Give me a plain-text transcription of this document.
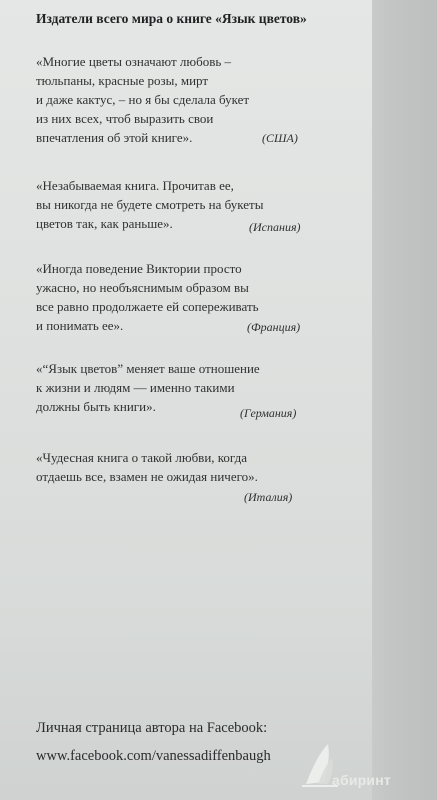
Издатели всего мира о книге «Язык цветов»
«Многие цветы означают любовь –
тюльпаны, красные розы, мирт
и даже кактус, – но я бы сделала букет
из них всех, чтоб выразить свои
впечатления об этой книге».	(США)
«Незабываемая книга. Прочитав ее,
вы никогда не будете смотреть на букеты
цветов так, как раньше».	(Испания)
«Иногда поведение Виктории просто
ужасно, но необъяснимым образом вы
все равно продолжаете ей сопереживать
и понимать ее».	(Франция)
«“Язык цветов” меняет ваше отношение
к жизни и людям — именно такими
должны быть книги».	(Германия)
«Чудесная книга о такой любви, когда
отдаешь все, взамен не ожидая ничего».
(Италия)
Личная страница автора на Facebook:
www.facebook.com/vanessadiffenbaugh
абиринт
